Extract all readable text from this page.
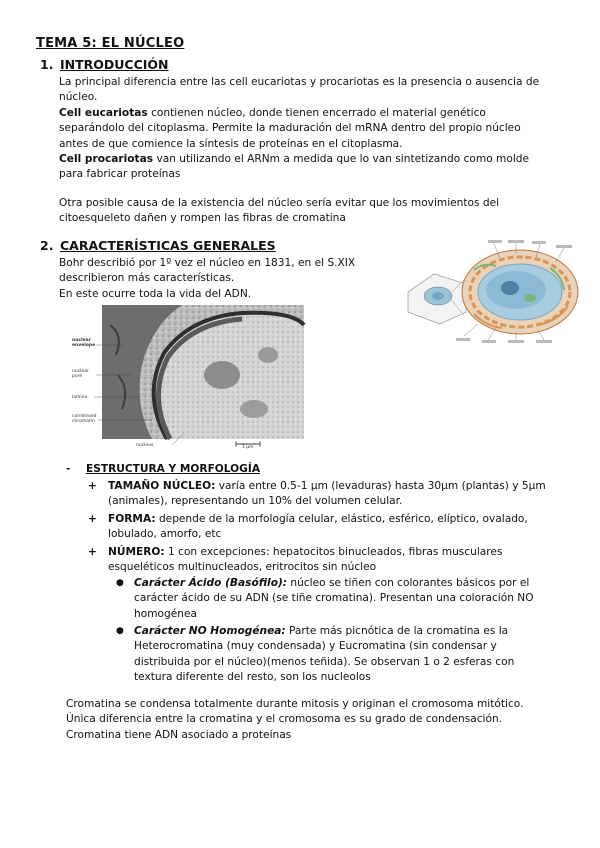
TEMA 5: EL NÚCLEO
1. INTRODUCCIÓN
La principal diferencia entre las cell eucariotas y procariotas es la presencia o ausencia de
núcleo.
Cell eucariotas contienen núcleo, donde tienen encerrado el material genético
separándolo del citoplasma. Permite la maduración del mRNA dentro del propio núcleo
antes de que comience la síntesis de proteínas en el citoplasma.
Cell procariotas van utilizando el ARNm a medida que lo van sintetizando como molde
para fabricar proteínas
Otra posible causa de la existencia del núcleo sería evitar que los movimientos del
citoesqueleto dañen y rompen las fibras de cromatina
2. CARACTERÍSTICAS GENERALES
Bohr describió por 1º vez el núcleo en 1831, en el S.XIX
describieron más características.
En este ocurre toda la vida del ADN.
nuclear
envelope
nuclear
pore
lamina
condensed
chromatin
nucleus	1 µm
- ESTRUCTURA Y MORFOLOGÍA
+ TAMAÑO NÚCLEO: varía entre 0.5-1 µm (levaduras) hasta 30µm (plantas) y 5µm
(animales), representando un 10% del volumen celular.
+ FORMA: depende de la morfología celular, elástico, esférico, elíptico, ovalado,
lobulado, amorfo, etc
+ NÚMERO: 1 con excepciones: hepatocitos binucleados, fibras musculares
esqueléticos multinucleados, eritrocitos sin núcleo
● Carácter Ácido (Basófilo): núcleo se tiñen con colorantes básicos por el
carácter ácido de su ADN (se tiñe cromatina). Presentan una coloración NO
homogénea
● Carácter NO Homogénea: Parte más picnótica de la cromatina es la
Heterocromatina (muy condensada) y Eucromatina (sin condensar y
distribuida por el núcleo)(menos teñida). Se observan 1 o 2 esferas con
textura diferente del resto, son los nucleolos
Cromatina se condensa totalmente durante mitosis y originan el cromosoma mitótico.
Única diferencia entre la cromatina y el cromosoma es su grado de condensación.
Cromatina tiene ADN asociado a proteínas
